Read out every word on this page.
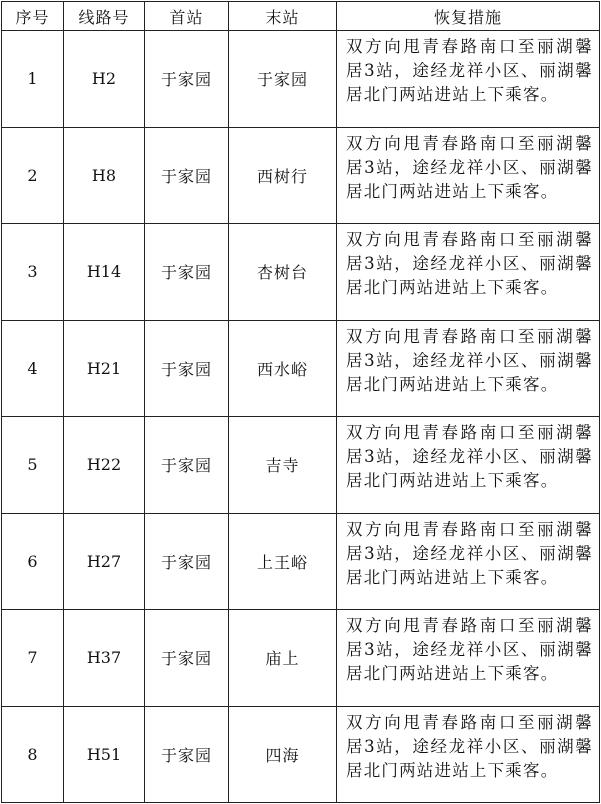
序号	线路号	首站	末站	恢复措施
1	H2	于家园	于家园	双方向甩青春路南口至丽湖馨居3站，途经龙祥小区、丽湖馨居北门两站进站上下乘客。
2	H8	于家园	西树行	双方向甩青春路南口至丽湖馨居3站，途经龙祥小区、丽湖馨居北门两站进站上下乘客。
3	H14	于家园	杏树台	双方向甩青春路南口至丽湖馨居3站，途经龙祥小区、丽湖馨居北门两站进站上下乘客。
4	H21	于家园	西水峪	双方向甩青春路南口至丽湖馨居3站，途经龙祥小区、丽湖馨居北门两站进站上下乘客。
5	H22	于家园	吉寺	双方向甩青春路南口至丽湖馨居3站，途经龙祥小区、丽湖馨居北门两站进站上下乘客。
6	H27	于家园	上王峪	双方向甩青春路南口至丽湖馨居3站，途经龙祥小区、丽湖馨居北门两站进站上下乘客。
7	H37	于家园	庙上	双方向甩青春路南口至丽湖馨居3站，途经龙祥小区、丽湖馨居北门两站进站上下乘客。
8	H51	于家园	四海	双方向甩青春路南口至丽湖馨居3站，途经龙祥小区、丽湖馨居北门两站进站上下乘客。
